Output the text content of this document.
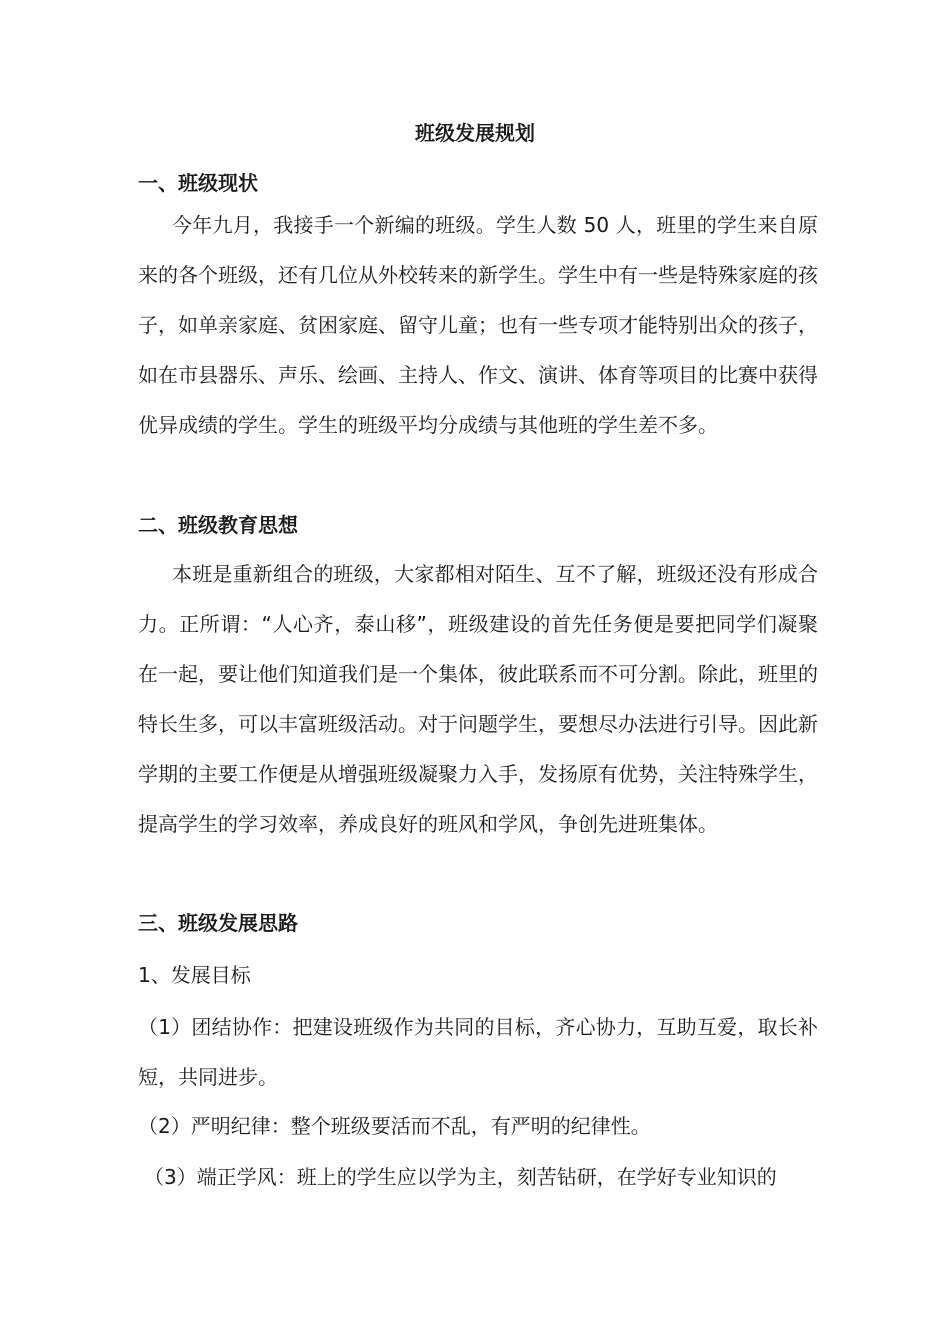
班级发展规划
一、班级现状

今年九月，我接手一个新编的班级。学生人数 50 人，班里的学生来自原来的各个班级，还有几位从外校转来的新学生。学生中有一些是特殊家庭的孩子，如单亲家庭、贫困家庭、留守儿童；也有一些专项才能特别出众的孩子，如在市县器乐、声乐、绘画、主持人、作文、演讲、体育等项目的比赛中获得优异成绩的学生。学生的班级平均分成绩与其他班的学生差不多。

二、班级教育思想

本班是重新组合的班级，大家都相对陌生、互不了解，班级还没有形成合力。正所谓：“人心齐，泰山移”，班级建设的首先任务便是要把同学们凝聚在一起，要让他们知道我们是一个集体，彼此联系而不可分割。除此，班里的特长生多，可以丰富班级活动。对于问题学生，要想尽办法进行引导。因此新学期的主要工作便是从增强班级凝聚力入手，发扬原有优势，关注特殊学生，提高学生的学习效率，养成良好的班风和学风，争创先进班集体。

三、班级发展思路
1、发展目标

（1）团结协作：把建设班级作为共同的目标，齐心协力，互助互爱，取长补短，共同进步。

（2）严明纪律：整个班级要活而不乱，有严明的纪律性。
（3）端正学风：班上的学生应以学为主，刻苦钻研，在学好专业知识的
